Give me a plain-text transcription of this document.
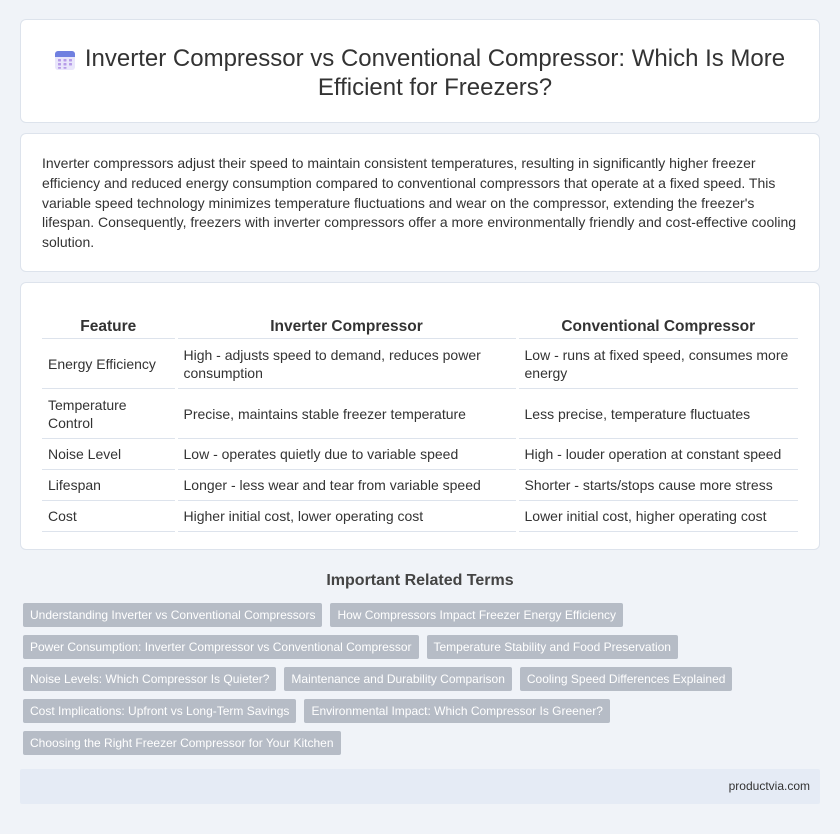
Inverter Compressor vs Conventional Compressor: Which Is More Efficient for Freezers?

Inverter compressors adjust their speed to maintain consistent temperatures, resulting in significantly higher freezer efficiency and reduced energy consumption compared to conventional compressors that operate at a fixed speed. This variable speed technology minimizes temperature fluctuations and wear on the compressor, extending the freezer's lifespan. Consequently, freezers with inverter compressors offer a more environmentally friendly and cost-effective cooling solution.

Feature	Inverter Compressor	Conventional Compressor
Energy Efficiency	High - adjusts speed to demand, reduces power consumption	Low - runs at fixed speed, consumes more energy
Temperature Control	Precise, maintains stable freezer temperature	Less precise, temperature fluctuates
Noise Level	Low - operates quietly due to variable speed	High - louder operation at constant speed
Lifespan	Longer - less wear and tear from variable speed	Shorter - starts/stops cause more stress
Cost	Higher initial cost, lower operating cost	Lower initial cost, higher operating cost
Important Related Terms
Understanding Inverter vs Conventional Compressors	How Compressors Impact Freezer Energy Efficiency
Power Consumption: Inverter Compressor vs Conventional Compressor	Temperature Stability and Food Preservation
Noise Levels: Which Compressor Is Quieter?	Maintenance and Durability Comparison	Cooling Speed Differences Explained
Cost Implications: Upfront vs Long-Term Savings	Environmental Impact: Which Compressor Is Greener?
Choosing the Right Freezer Compressor for Your Kitchen
productvia.com
